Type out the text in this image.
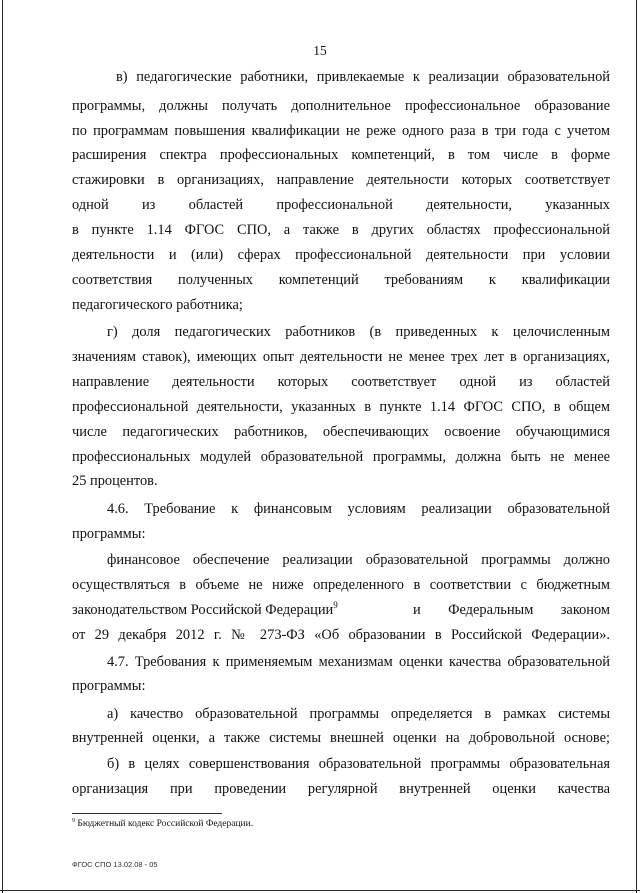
15
в) педагогические работники, привлекаемые к реализации образовательной
программы, должны получать дополнительное профессиональное образование
по программам повышения квалификации не реже одного раза в три года с учетом
расширения спектра профессиональных компетенций, в том числе в форме
стажировки в организациях, направление деятельности которых соответствует
одной из областей профессиональной деятельности, указанных
в пункте 1.14 ФГОС СПО, а также в других областях профессиональной
деятельности и (или) сферах профессиональной деятельности при условии
соответствия полученных компетенций требованиям к квалификации
педагогического работника;
г) доля педагогических работников (в приведенных к целочисленным
значениям ставок), имеющих опыт деятельности не менее трех лет в организациях,
направление деятельности которых соответствует одной из областей
профессиональной деятельности, указанных в пункте 1.14 ФГОС СПО, в общем
числе педагогических работников, обеспечивающих освоение обучающимися
профессиональных модулей образовательной программы, должна быть не менее
25 процентов.
4.6. Требование к финансовым условиям реализации образовательной
программы:
финансовое обеспечение реализации образовательной программы должно
осуществляться в объеме не ниже определенного в соответствии с бюджетным
законодательством Российской Федерации$^9$	и Федеральным законом
от 29 декабря 2012 г. № 273-ФЗ «Об образовании в Российской Федерации».
4.7. Требования к применяемым механизмам оценки качества образовательной
программы:
а) качество образовательной программы определяется в рамках системы
внутренней оценки, а также системы внешней оценки на добровольной основе;
б) в целях совершенствования образовательной программы образовательная
организация при проведении регулярной внутренней оценки качества
$^9$ Бюджетный кодекс Российской Федерации.
ФГОС СПО 13.02.08 - 05
